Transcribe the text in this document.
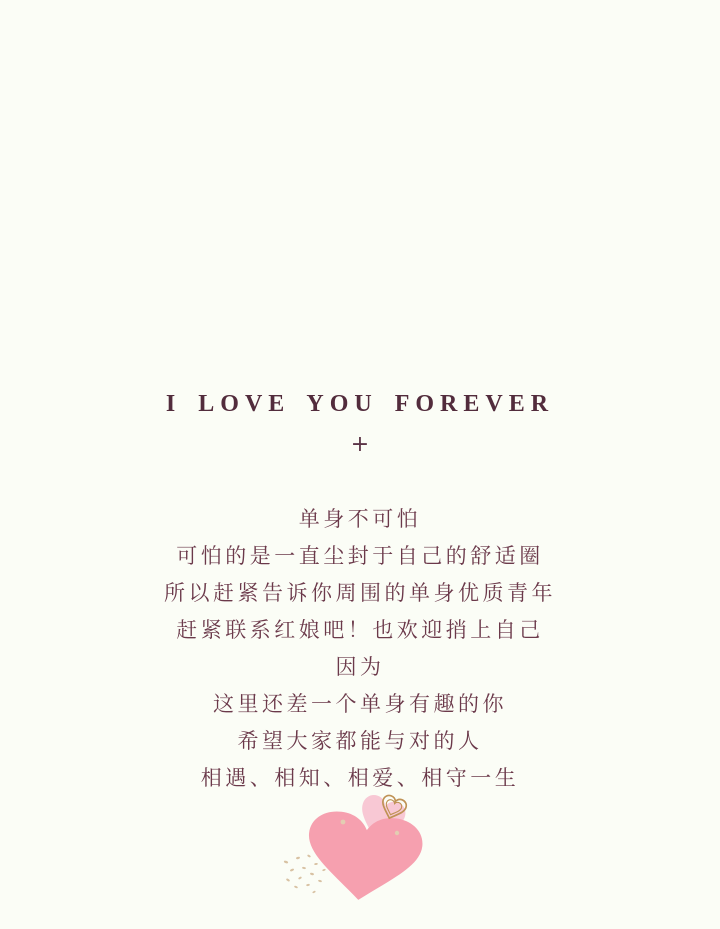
I LOVE YOU FOREVER
+
单身不可怕
可怕的是一直尘封于自己的舒适圈
所以赶紧告诉你周围的单身优质青年
赶紧联系红娘吧！也欢迎捎上自己
因为
这里还差一个单身有趣的你
希望大家都能与对的人
相遇、相知、相爱、相守一生
